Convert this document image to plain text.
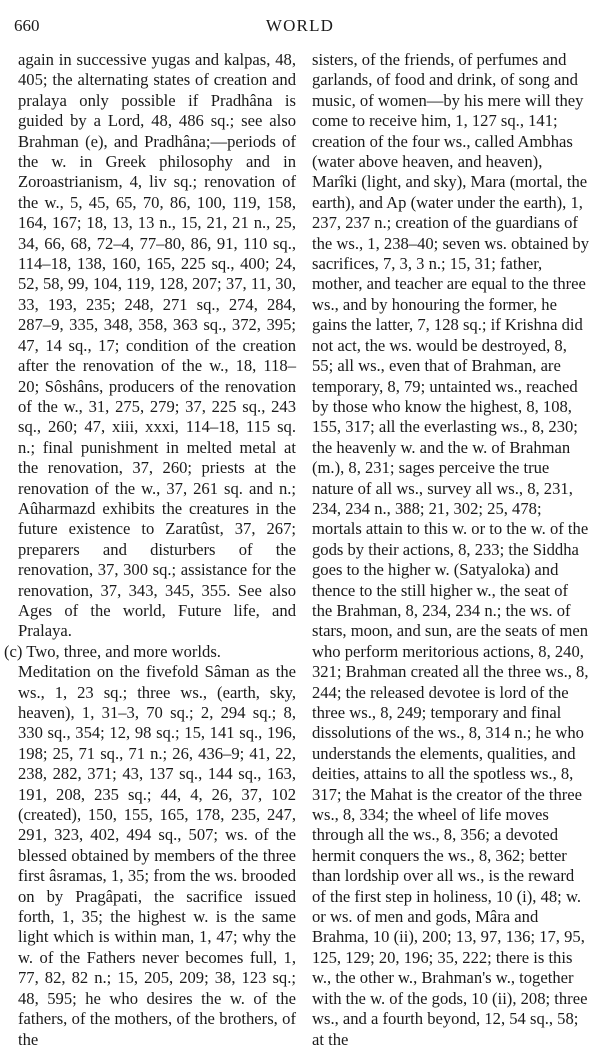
660	WORLD

again in successive yugas and kalpas, 48, 405; the alternating states of creation and pralaya only possible if Pradhâna is guided by a Lord, 48, 486 sq.; see also Brahman (e), and Pradhâna;—periods of the w. in Greek philosophy and in Zoroastrianism, 4, liv sq.; renovation of the w., 5, 45, 65, 70, 86, 100, 119, 158, 164, 167; 18, 13, 13 n., 15, 21, 21 n., 25, 34, 66, 68, 72–4, 77–80, 86, 91, 110 sq., 114–18, 138, 160, 165, 225 sq., 400; 24, 52, 58, 99, 104, 119, 128, 207; 37, 11, 30, 33, 193, 235; 248, 271 sq., 274, 284, 287–9, 335, 348, 358, 363 sq., 372, 395; 47, 14 sq., 17; condition of the creation after the renovation of the w., 18, 118–20; Sôshâns, producers of the renovation of the w., 31, 275, 279; 37, 225 sq., 243 sq., 260; 47, xiii, xxxi, 114–18, 115 sq. n.; final punishment in melted metal at the renovation, 37, 260; priests at the renovation of the w., 37, 261 sq. and n.; Aûharmazd exhibits the creatures in the future existence to Zaratûst, 37, 267; preparers and disturbers of the renovation, 37, 300 sq.; assistance for the renovation, 37, 343, 345, 355. See also Ages of the world, Future life, and Pralaya.

(c) Two, three, and more worlds.

Meditation on the fivefold Sâman as the ws., 1, 23 sq.; three ws., (earth, sky, heaven), 1, 31–3, 70 sq.; 2, 294 sq.; 8, 330 sq., 354; 12, 98 sq.; 15, 141 sq., 196, 198; 25, 71 sq., 71 n.; 26, 436–9; 41, 22, 238, 282, 371; 43, 137 sq., 144 sq., 163, 191, 208, 235 sq.; 44, 4, 26, 37, 102 (created), 150, 155, 165, 178, 235, 247, 291, 323, 402, 494 sq., 507; ws. of the blessed obtained by members of the three first âsramas, 1, 35; from the ws. brooded on by Pragâpati, the sacrifice issued forth, 1, 35; the highest w. is the same light which is within man, 1, 47; why the w. of the Fathers never becomes full, 1, 77, 82, 82 n.; 15, 205, 209; 38, 123 sq.; 48, 595; he who desires the w. of the fathers, of the mothers, of the brothers, of the

sisters, of the friends, of perfumes and garlands, of food and drink, of song and music, of women—by his mere will they come to receive him, 1, 127 sq., 141; creation of the four ws., called Ambhas (water above heaven, and heaven), Marîki (light, and sky), Mara (mortal, the earth), and Ap (water under the earth), 1, 237, 237 n.; creation of the guardians of the ws., 1, 238–40; seven ws. obtained by sacrifices, 7, 3, 3 n.; 15, 31; father, mother, and teacher are equal to the three ws., and by honouring the former, he gains the latter, 7, 128 sq.; if Krishna did not act, the ws. would be destroyed, 8, 55; all ws., even that of Brahman, are temporary, 8, 79; untainted ws., reached by those who know the highest, 8, 108, 155, 317; all the everlasting ws., 8, 230; the heavenly w. and the w. of Brahman (m.), 8, 231; sages perceive the true nature of all ws., survey all ws., 8, 231, 234, 234 n., 388; 21, 302; 25, 478; mortals attain to this w. or to the w. of the gods by their actions, 8, 233; the Siddha goes to the higher w. (Satyaloka) and thence to the still higher w., the seat of the Brahman, 8, 234, 234 n.; the ws. of stars, moon, and sun, are the seats of men who perform meritorious actions, 8, 240, 321; Brahman created all the three ws., 8, 244; the released devotee is lord of the three ws., 8, 249; temporary and final dissolutions of the ws., 8, 314 n.; he who understands the elements, qualities, and deities, attains to all the spotless ws., 8, 317; the Mahat is the creator of the three ws., 8, 334; the wheel of life moves through all the ws., 8, 356; a devoted hermit conquers the ws., 8, 362; better than lordship over all ws., is the reward of the first step in holiness, 10 (i), 48; w. or ws. of men and gods, Mâra and Brahma, 10 (ii), 200; 13, 97, 136; 17, 95, 125, 129; 20, 196; 35, 222; there is this w., the other w., Brahman's w., together with the w. of the gods, 10 (ii), 208; three ws., and a fourth beyond, 12, 54 sq., 58; at the
